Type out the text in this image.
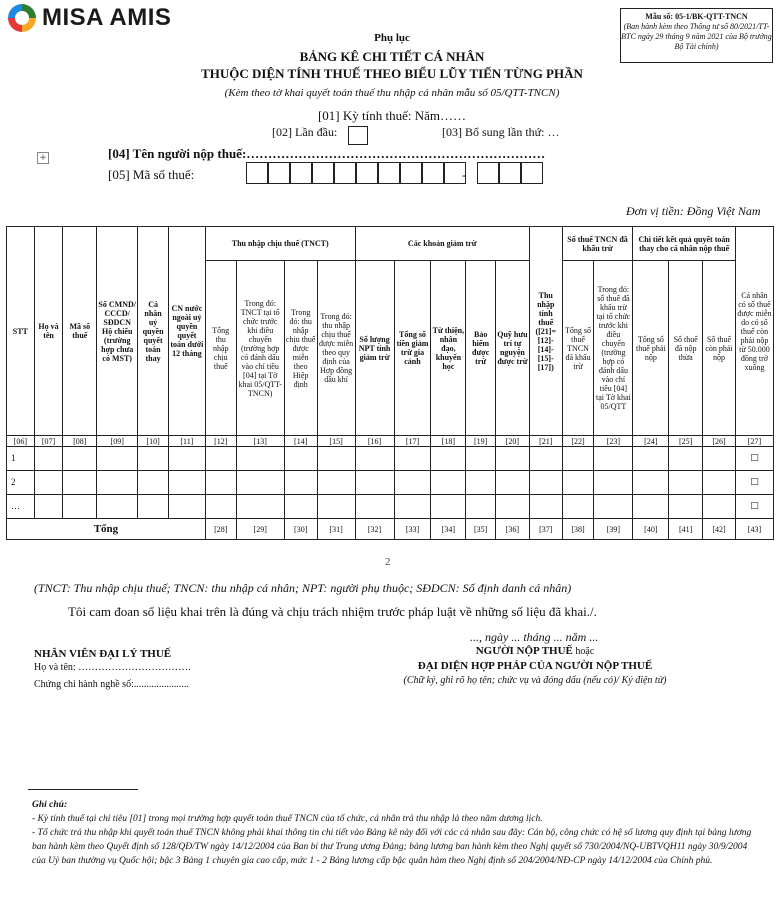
MISA AMIS	Mẫu số: 05-1/BK-QTT-TNCN
(Ban hành kèm theo Thông tư số 80/2021/TT-BTC ngày 29 tháng 9 năm 2021 của Bộ trưởng Bộ Tài chính)
Phụ lục
BẢNG KÊ CHI TIẾT CÁ NHÂN
THUỘC DIỆN TÍNH THUẾ THEO BIỂU LŨY TIẾN TỪNG PHẦN
(Kèm theo tờ khai quyết toán thuế thu nhập cá nhân mẫu số 05/QTT-TNCN)
[01] Kỳ tính thuế: Năm……
[02] Lần đầu:	[03] Bổ sung lần thứ: …
+	[04] Tên người nộp thuế:……………………………………………………………
[05] Mã số thuế:	-
Đơn vị tiền: Đồng Việt Nam
STT	Họ và tên	Mã số thuế	Số CMND/ CCCD/ SĐDCN Hộ chiếu (trường hợp chưa có MST)	Cá nhân uỷ quyền quyết toán thay	CN nước ngoài uỷ quyền quyết toán dưới 12 tháng	Thu nhập chịu thuế (TNCT)				Các khoản giảm trừ					Thu nhập tính thuế ([21]=[12]-[14]-[15]-[17])	Số thuế TNCN đã khấu trừ		Chi tiết kết quả quyết toán thay cho cá nhân nộp thuế			Cá nhân có số thuế được miễn do có số thuế còn phải nộp từ 50.000 đồng trở xuống
						Tổng thu nhập chịu thuế	Trong đó: TNCT tại tổ chức trước khi điều chuyển (trường hợp có đánh dấu vào chỉ tiêu [04] tại Tờ khai 05/QTT-TNCN)	Trong đó: thu nhập chịu thuế được miễn theo Hiệp định	Trong đó: thu nhập chịu thuế được miễn theo quy định của Hợp đồng dầu khí	Số lượng NPT tính giảm trừ	Tổng số tiền giảm trừ gia cảnh	Từ thiện, nhân đạo, khuyến học	Bảo hiểm được trừ	Quỹ hưu trí tự nguyện được trừ		Tổng số thuế TNCN đã khấu trừ	Trong đó: số thuế đã khấu trừ tại tổ chức trước khi điều chuyển (trường hợp có đánh dấu vào chỉ tiêu [04] tại Tờ khai 05/QTT	Tổng số thuế phải nộp	Số thuế đã nộp thừa	Số thuế còn phải nộp	
[06]	[07]	[08]	[09]	[10]	[11]	[12]	[13]	[14]	[15]	[16]	[17]	[18]	[19]	[20]	[21]	[22]	[23]	[24]	[25]	[26]	[27]
1																					□
2																					□
…																					□
Tổng						[28]	[29]	[30]	[31]	[32]	[33]	[34]	[35]	[36]	[37]	[38]	[39]	[40]	[41]	[42]	[43]
2
(TNCT: Thu nhập chịu thuế; TNCN: thu nhập cá nhân; NPT: người phụ thuộc; SĐDCN: Số định danh cá nhân)
Tôi cam đoan số liệu khai trên là đúng và chịu trách nhiệm trước pháp luật về những số liệu đã khai./.
..., ngày ... tháng ... năm ...
NHÂN VIÊN ĐẠI LÝ THUẾ
Họ và tên: …………………………….
Chứng chỉ hành nghề số:......................
NGƯỜI NỘP THUẾ hoặc
ĐẠI DIỆN HỢP PHÁP CỦA NGƯỜI NỘP THUẾ
(Chữ ký, ghi rõ họ tên; chức vụ và đóng dấu (nếu có)/ Ký điện tử)
Ghi chú:
- Kỳ tính thuế tại chỉ tiêu [01] trong mọi trường hợp quyết toán thuế TNCN của tổ chức, cá nhân trả thu nhập là theo năm dương lịch.
- Tổ chức trả thu nhập khi quyết toán thuế TNCN không phải khai thông tin chi tiết vào Bảng kê này đối với các cá nhân sau đây: Cán bộ, công chức có hệ số lương quy định tại bảng lương ban hành kèm theo Quyết định số 128/QĐ/TW ngày 14/12/2004 của Ban bí thư Trung ương Đảng; bảng lương ban hành kèm theo Nghị quyết số 730/2004/NQ-UBTVQH11 ngày 30/9/2004 của Uỷ ban thường vụ Quốc hội; bậc 3 Bảng 1 chuyên gia cao cấp, mức 1 - 2 Bảng lương cấp bậc quân hàm theo Nghị định số 204/2004/NĐ-CP ngày 14/12/2004 của Chính phủ.
